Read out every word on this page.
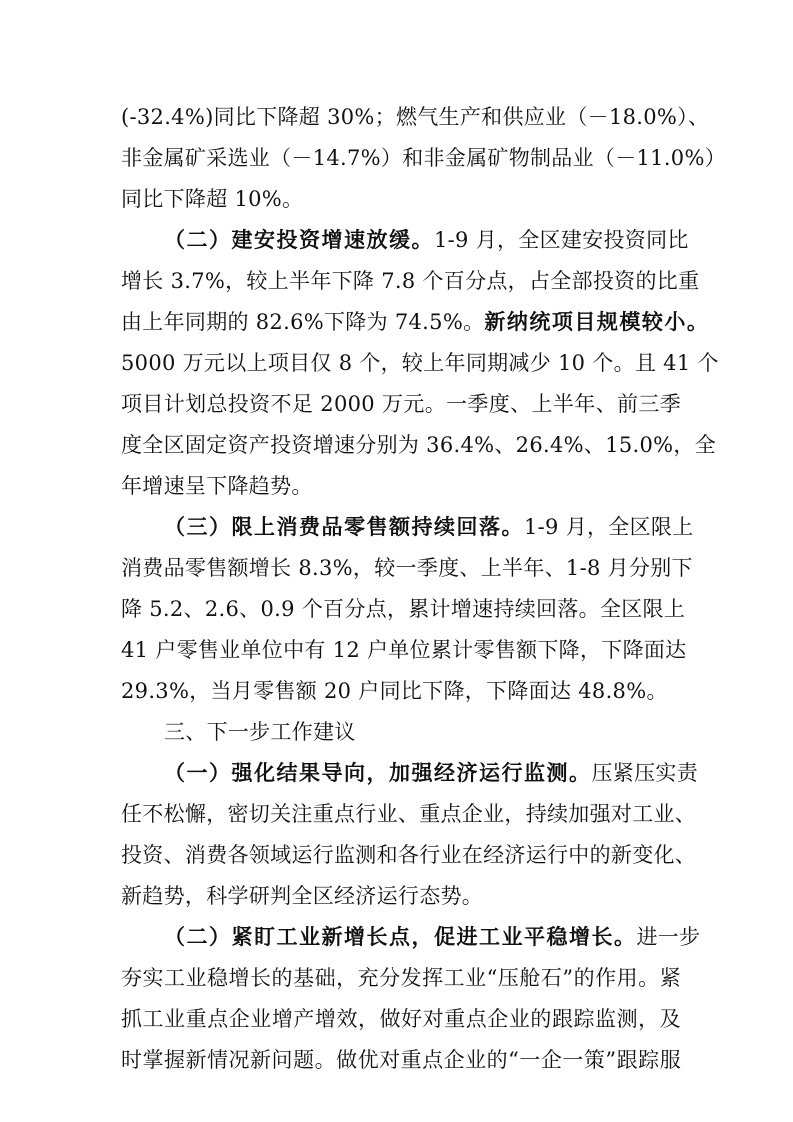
(-32.4%)同比下降超 30%；燃气生产和供应业（－18.0%）、
非金属矿采选业（－14.7%）和非金属矿物制品业（－11.0%）
同比下降超 10%。
（二）建安投资增速放缓。1-9 月，全区建安投资同比
增长 3.7%，较上半年下降 7.8 个百分点，占全部投资的比重
由上年同期的 82.6%下降为 74.5%。新纳统项目规模较小。
5000 万元以上项目仅 8 个，较上年同期减少 10 个。且 41 个
项目计划总投资不足 2000 万元。一季度、上半年、前三季
度全区固定资产投资增速分别为 36.4%、26.4%、15.0%，全
年增速呈下降趋势。
（三）限上消费品零售额持续回落。1-9 月，全区限上
消费品零售额增长 8.3%，较一季度、上半年、1-8 月分别下
降 5.2、2.6、0.9 个百分点，累计增速持续回落。全区限上
41 户零售业单位中有 12 户单位累计零售额下降，下降面达
29.3%，当月零售额 20 户同比下降，下降面达 48.8%。
三、下一步工作建议
（一）强化结果导向，加强经济运行监测。压紧压实责
任不松懈，密切关注重点行业、重点企业，持续加强对工业、
投资、消费各领域运行监测和各行业在经济运行中的新变化、
新趋势，科学研判全区经济运行态势。
（二）紧盯工业新增长点，促进工业平稳增长。进一步
夯实工业稳增长的基础，充分发挥工业“压舱石”的作用。紧
抓工业重点企业增产增效，做好对重点企业的跟踪监测，及
时掌握新情况新问题。做优对重点企业的“一企一策”跟踪服
